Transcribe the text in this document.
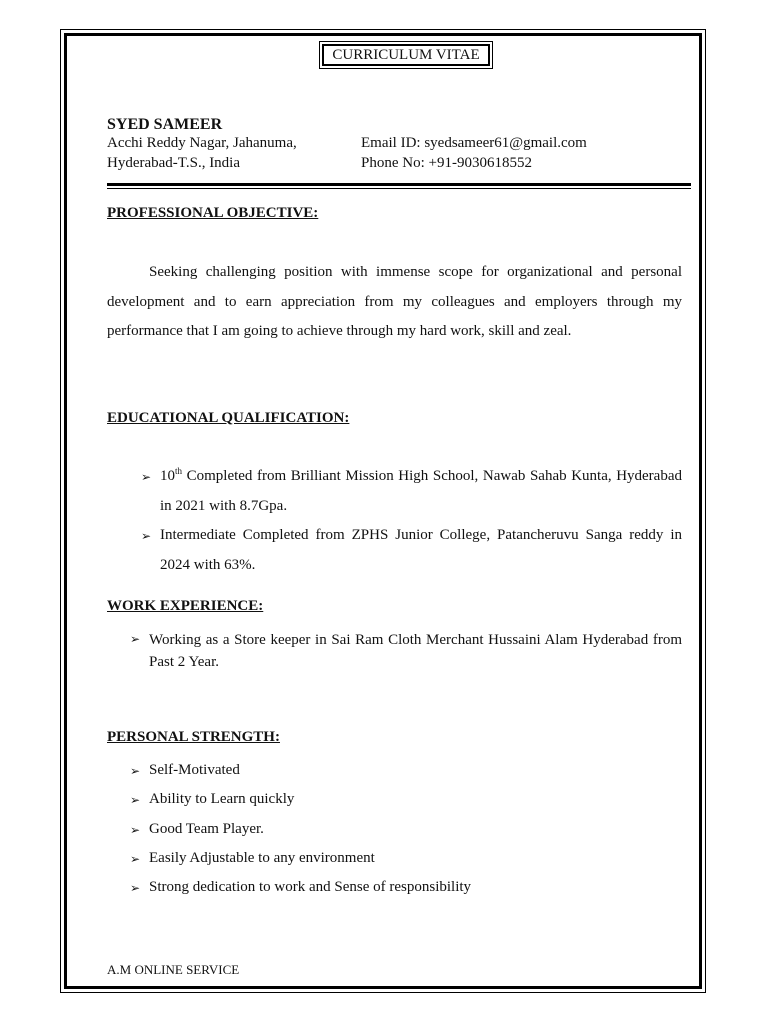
CURRICULUM VITAE
SYED SAMEER
Acchi Reddy Nagar, Jahanuma,
Hyderabad-T.S., India
Email ID: syedsameer61@gmail.com
Phone No: +91-9030618552
PROFESSIONAL OBJECTIVE:
Seeking challenging position with immense scope for organizational and personal development and to earn appreciation from my colleagues and employers through my performance that I am going to achieve through my hard work, skill and zeal.
EDUCATIONAL QUALIFICATION:
➢ 10th Completed from Brilliant Mission High School, Nawab Sahab Kunta, Hyderabad in 2021 with 8.7Gpa.
➢ Intermediate Completed from ZPHS Junior College, Patancheruvu Sanga reddy in 2024 with 63%.
WORK EXPERIENCE:
➢ Working as a Store keeper in Sai Ram Cloth Merchant Hussaini Alam Hyderabad from Past 2 Year.
PERSONAL STRENGTH:
➢ Self-Motivated
➢ Ability to Learn quickly
➢ Good Team Player.
➢ Easily Adjustable to any environment
➢ Strong dedication to work and Sense of responsibility
A.M ONLINE SERVICE
